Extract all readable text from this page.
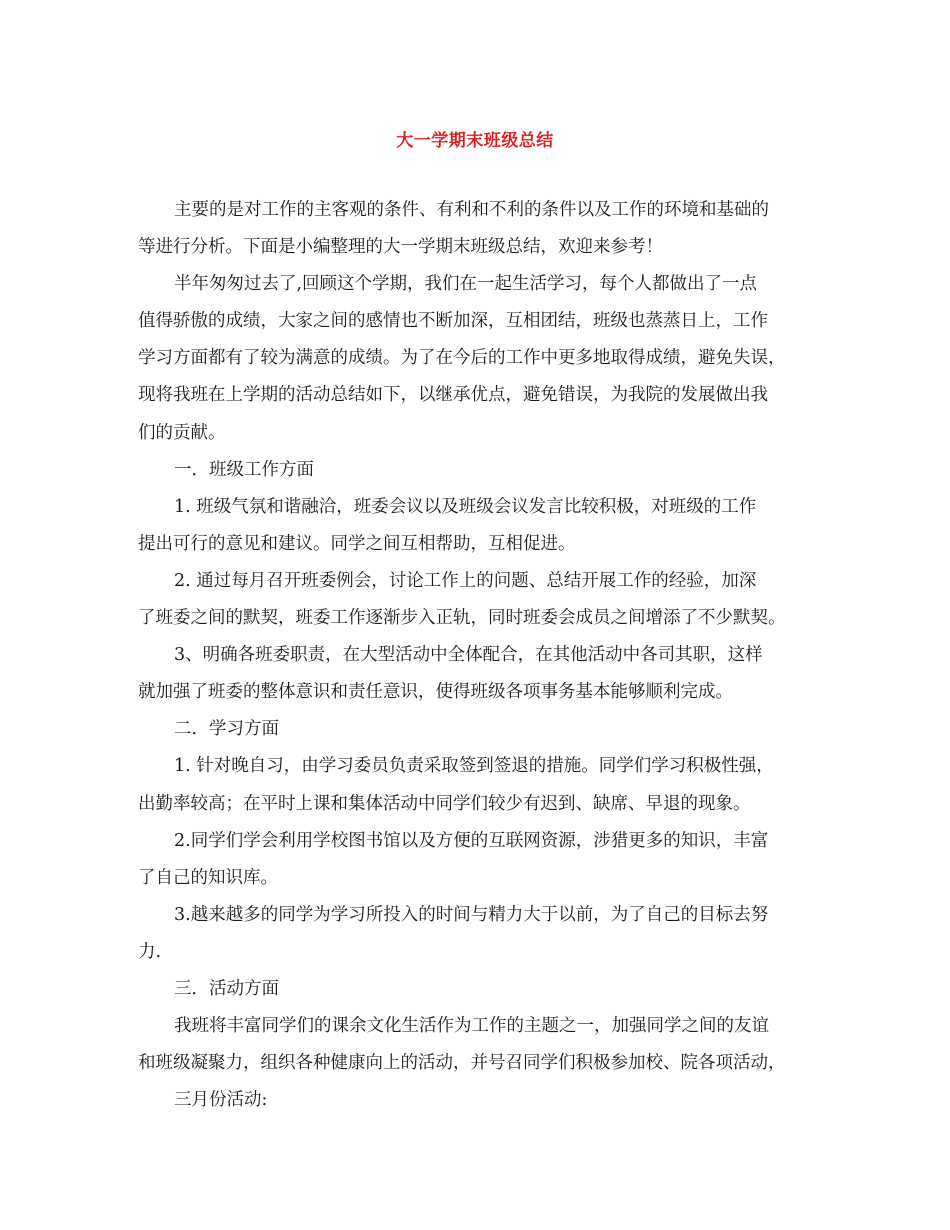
大一学期末班级总结

主要的是对工作的主客观的条件、有利和不利的条件以及工作的环境和基础的

等进行分析。下面是小编整理的大一学期末班级总结，欢迎来参考！

半年匆匆过去了,回顾这个学期，我们在一起生活学习，每个人都做出了一点

值得骄傲的成绩，大家之间的感情也不断加深，互相团结，班级也蒸蒸日上，工作

学习方面都有了较为满意的成绩。为了在今后的工作中更多地取得成绩，避免失误，

现将我班在上学期的活动总结如下，以继承优点，避免错误，为我院的发展做出我

们的贡献。

一．班级工作方面

1. 班级气氛和谐融洽，班委会议以及班级会议发言比较积极，对班级的工作

提出可行的意见和建议。同学之间互相帮助，互相促进。

2. 通过每月召开班委例会，讨论工作上的问题、总结开展工作的经验，加深

了班委之间的默契，班委工作逐渐步入正轨，同时班委会成员之间增添了不少默契。

3、明确各班委职责，在大型活动中全体配合，在其他活动中各司其职，这样

就加强了班委的整体意识和责任意识，使得班级各项事务基本能够顺利完成。

二．学习方面

1. 针对晚自习，由学习委员负责采取签到签退的措施。同学们学习积极性强，

出勤率较高；在平时上课和集体活动中同学们较少有迟到、缺席、早退的现象。

2.同学们学会利用学校图书馆以及方便的互联网资源，涉猎更多的知识，丰富

了自己的知识库。

3.越来越多的同学为学习所投入的时间与精力大于以前，为了自己的目标去努

力.

三．活动方面

我班将丰富同学们的课余文化生活作为工作的主题之一，加强同学之间的友谊

和班级凝聚力，组织各种健康向上的活动，并号召同学们积极参加校、院各项活动，

三月份活动:
